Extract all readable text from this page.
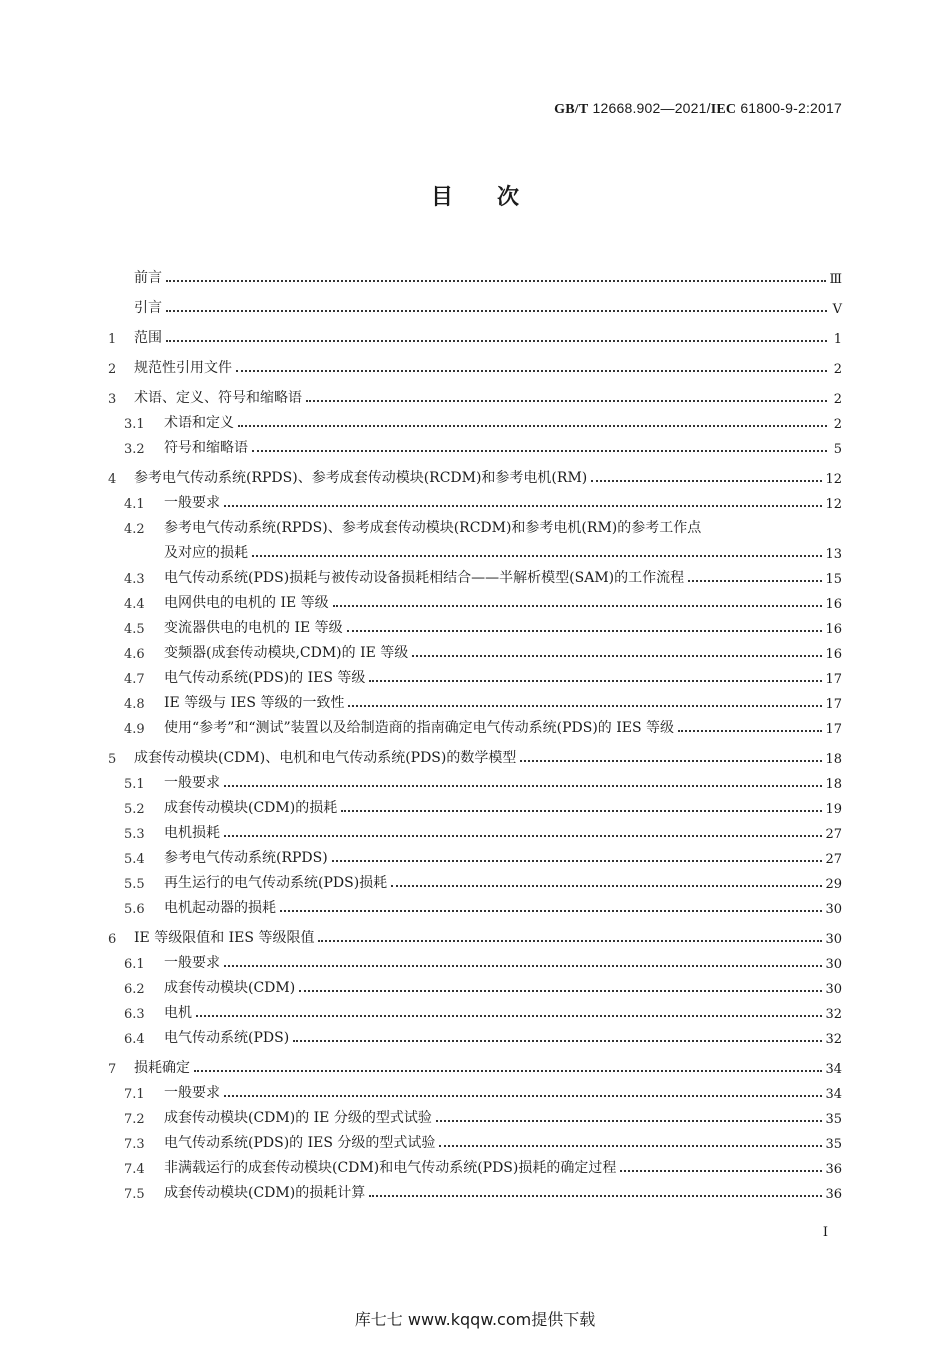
GB/T 12668.902—2021/IEC 61800-9-2:2017
目次
前言	Ⅲ
引言	Ⅴ
1	范围	1
2	规范性引用文件	2
3	术语、定义、符号和缩略语	2
3.1	术语和定义	2
3.2	符号和缩略语	5
4	参考电气传动系统(RPDS)、参考成套传动模块(RCDM)和参考电机(RM)	12
4.1	一般要求	12
4.2	参考电气传动系统(RPDS)、参考成套传动模块(RCDM)和参考电机(RM)的参考工作点
及对应的损耗	13
4.3	电气传动系统(PDS)损耗与被传动设备损耗相结合——半解析模型(SAM)的工作流程	15
4.4	电网供电的电机的 IE 等级	16
4.5	变流器供电的电机的 IE 等级	16
4.6	变频器(成套传动模块,CDM)的 IE 等级	16
4.7	电气传动系统(PDS)的 IES 等级	17
4.8	IE 等级与 IES 等级的一致性	17
4.9	使用“参考”和“测试”装置以及给制造商的指南确定电气传动系统(PDS)的 IES 等级	17
5	成套传动模块(CDM)、电机和电气传动系统(PDS)的数学模型	18
5.1	一般要求	18
5.2	成套传动模块(CDM)的损耗	19
5.3	电机损耗	27
5.4	参考电气传动系统(RPDS)	27
5.5	再生运行的电气传动系统(PDS)损耗	29
5.6	电机起动器的损耗	30
6	IE 等级限值和 IES 等级限值	30
6.1	一般要求	30
6.2	成套传动模块(CDM)	30
6.3	电机	32
6.4	电气传动系统(PDS)	32
7	损耗确定	34
7.1	一般要求	34
7.2	成套传动模块(CDM)的 IE 分级的型式试验	35
7.3	电气传动系统(PDS)的 IES 分级的型式试验	35
7.4	非满载运行的成套传动模块(CDM)和电气传动系统(PDS)损耗的确定过程	36
7.5	成套传动模块(CDM)的损耗计算	36
I
库七七 www.kqqw.com提供下载
